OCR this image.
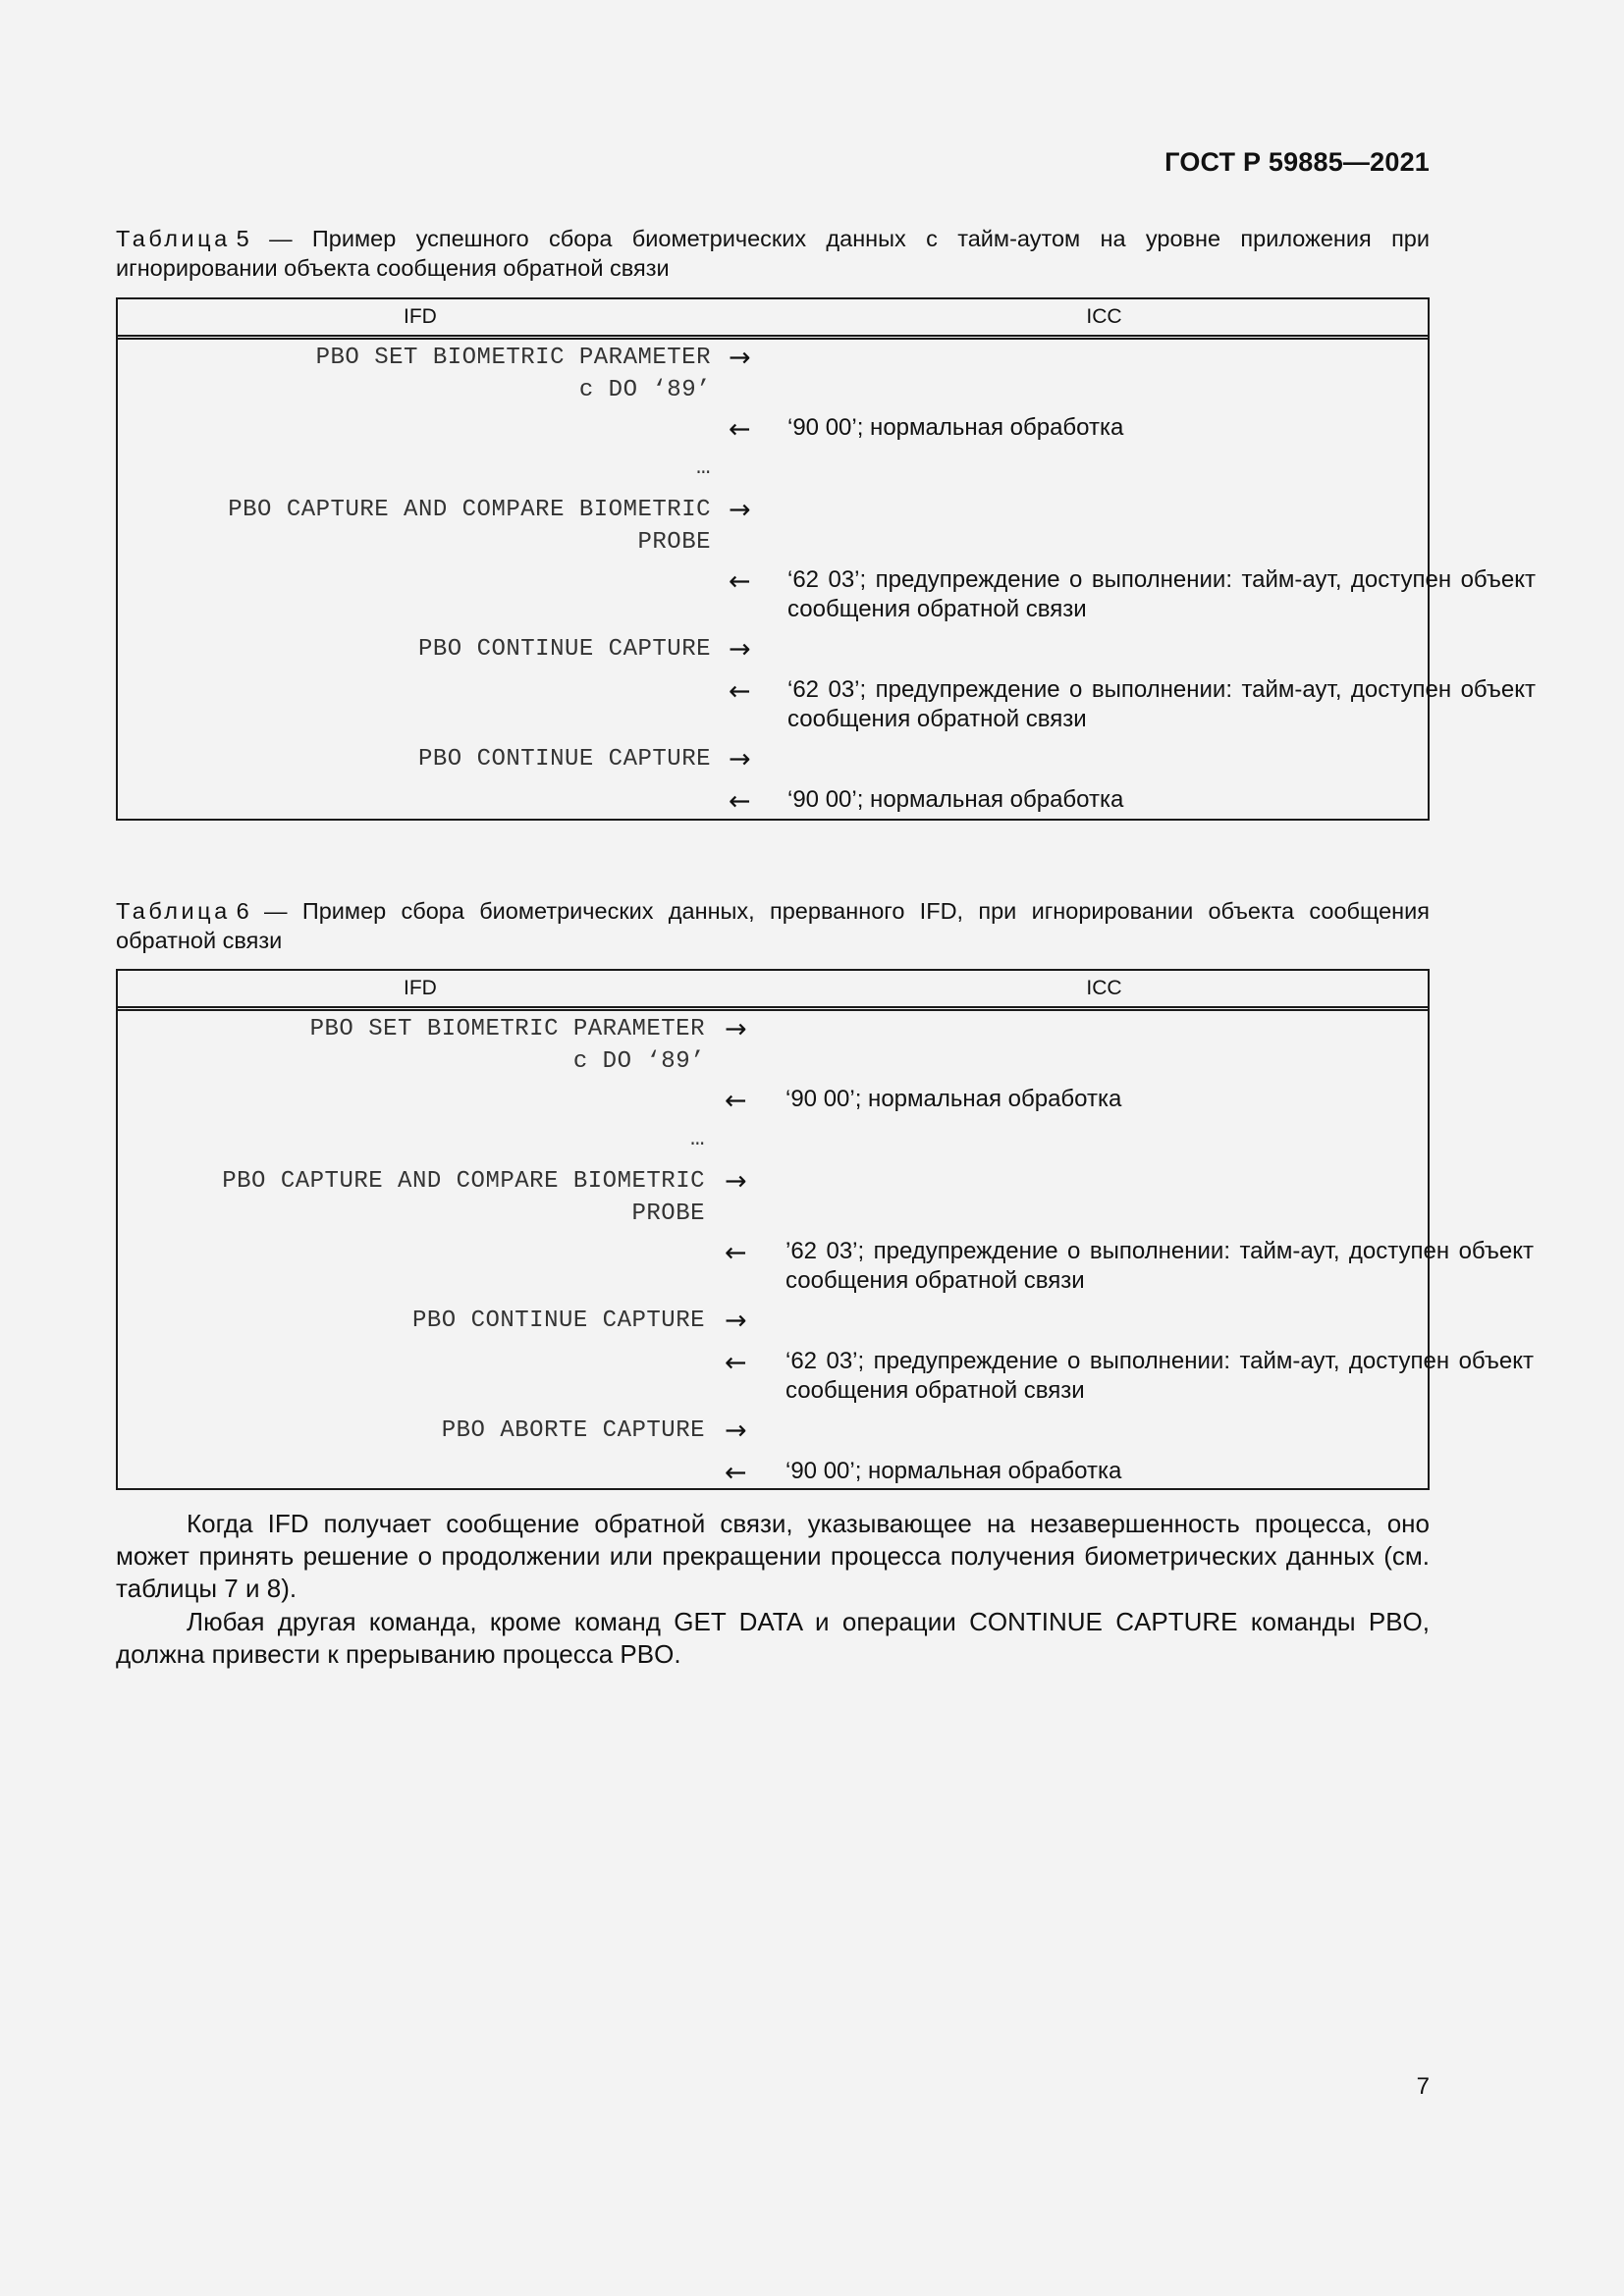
ГОСТ Р 59885—2021
Таблица 5 — Пример успешного сбора биометрических данных с тайм-аутом на уровне приложения при игнорировании объекта сообщения обратной связи
IFD	ICC
PBO SET BIOMETRIC PARAMETER
с DO ‘89’
→
←	‘90 00’; нормальная обработка
…
PBO CAPTURE AND COMPARE BIOMETRIC
PROBE
→
←	‘62 03’; предупреждение о выполнении: тайм-аут, доступен объект сообщения обратной связи
PBO CONTINUE CAPTURE →
←	‘62 03’; предупреждение о выполнении: тайм-аут, доступен объект сообщения обратной связи
PBO CONTINUE CAPTURE →
←	‘90 00’; нормальная обработка
Таблица 6 — Пример сбора биометрических данных, прерванного IFD, при игнорировании объекта сообщения обратной связи
IFD	ICC
PBO SET BIOMETRIC PARAMETER
с DO ‘89’
→
←	‘90 00’; нормальная обработка
…
PBO CAPTURE AND COMPARE BIOMETRIC
PROBE
→
←	’62 03’; предупреждение о выполнении: тайм-аут, доступен объект сообщения обратной связи
PBO CONTINUE CAPTURE →
←	‘62 03’; предупреждение о выполнении: тайм-аут, доступен объект сообщения обратной связи
PBO ABORTE CAPTURE →
←	‘90 00’; нормальная обработка
Когда IFD получает сообщение обратной связи, указывающее на незавершенность процесса, оно может принять решение о продолжении или прекращении процесса получения биометрических данных (см. таблицы 7 и 8).
Любая другая команда, кроме команд GET DATA и операции CONTINUE CAPTURE команды PBO, должна привести к прерыванию процесса PBO.
7
